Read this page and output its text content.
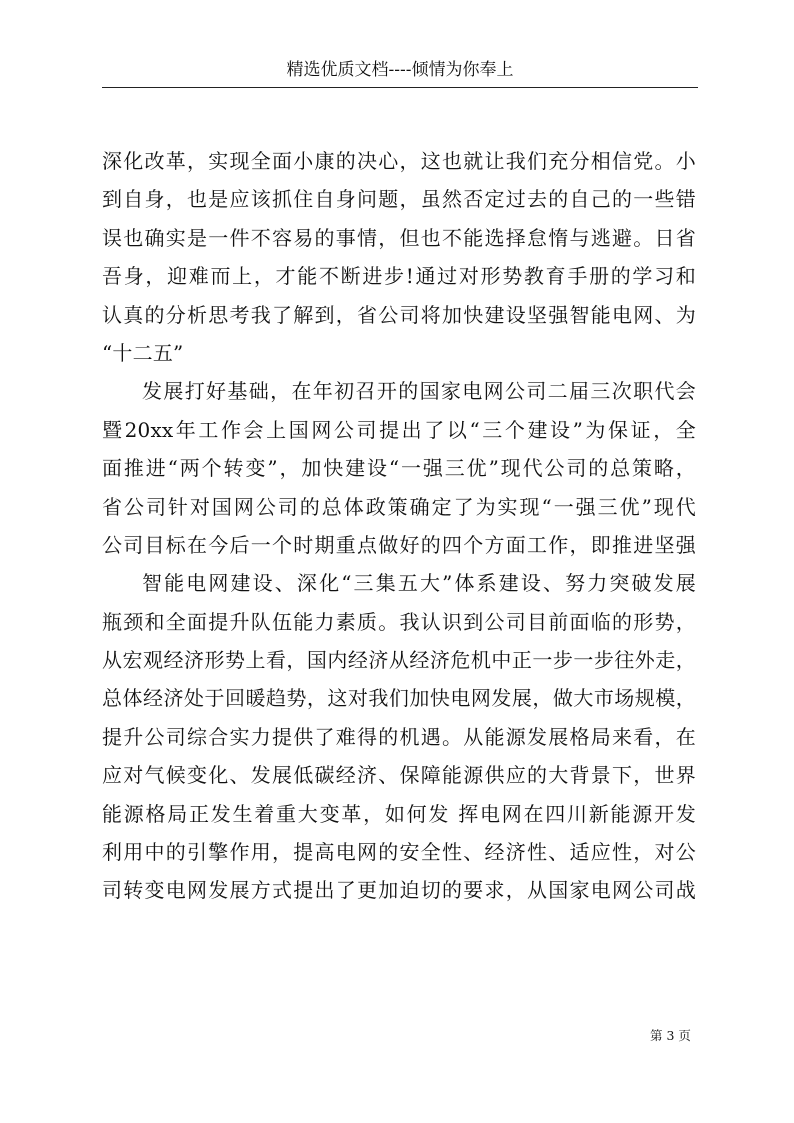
精选优质文档----倾情为你奉上
深化改革，实现全面小康的决心，这也就让我们充分相信党。小
到自身，也是应该抓住自身问题，虽然否定过去的自己的一些错
误也确实是一件不容易的事情，但也不能选择怠惰与逃避。日省
吾身，迎难而上，才能不断进步!通过对形势教育手册的学习和
认真的分析思考我了解到，省公司将加快建设坚强智能电网、为
“十二五”
发展打好基础，在年初召开的国家电网公司二届三次职代会
暨20xx年工作会上国网公司提出了以“三个建设”为保证，全
面推进“两个转变”，加快建设“一强三优”现代公司的总策略，
省公司针对国网公司的总体政策确定了为实现“一强三优”现代
公司目标在今后一个时期重点做好的四个方面工作，即推进坚强
智能电网建设、深化“三集五大”体系建设、努力突破发展
瓶颈和全面提升队伍能力素质。我认识到公司目前面临的形势，
从宏观经济形势上看，国内经济从经济危机中正一步一步往外走，
总体经济处于回暖趋势，这对我们加快电网发展，做大市场规模，
提升公司综合实力提供了难得的机遇。从能源发展格局来看，在
应对气候变化、发展低碳经济、保障能源供应的大背景下，世界
能源格局正发生着重大变革，如何发 挥电网在四川新能源开发
利用中的引擎作用，提高电网的安全性、经济性、适应性，对公
司转变电网发展方式提出了更加迫切的要求，从国家电网公司战
第 3 页
